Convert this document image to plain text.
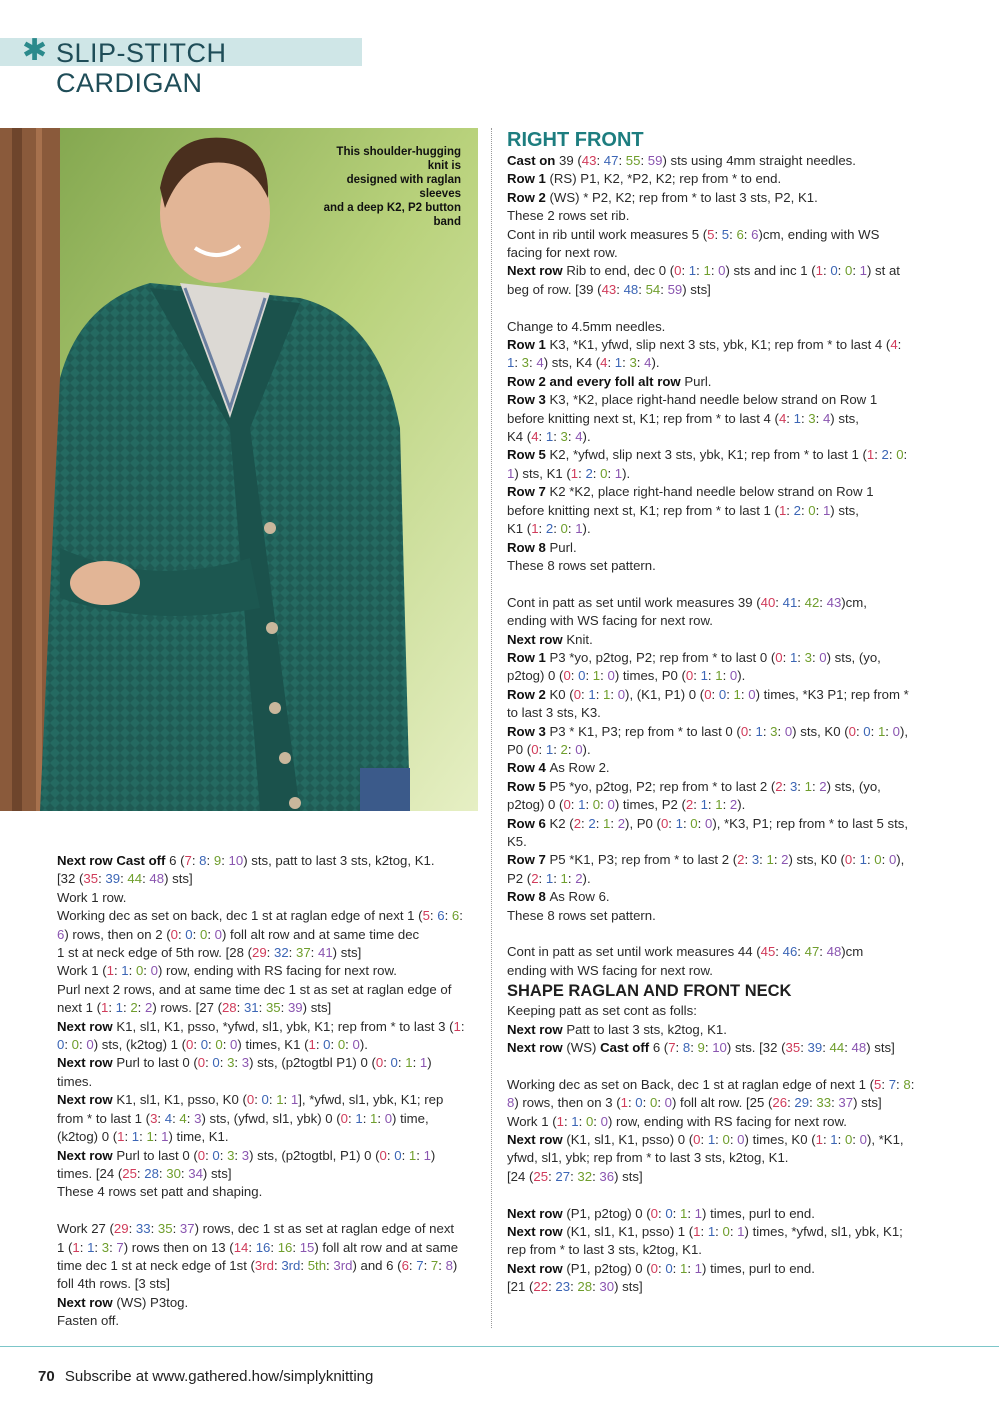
✱ SLIP-STITCH CARDIGAN
This shoulder-hugging knit is
designed with raglan sleeves
and a deep K2, P2 button band

Next row Cast off 6 (7: 8: 9: 10) sts, patt to last 3 sts, k2tog, K1.

[32 (35: 39: 44: 48) sts]

Work 1 row.

Working dec as set on back, dec 1 st at raglan edge of next 1 (5: 6: 6:

6) rows, then on 2 (0: 0: 0: 0) foll alt row and at same time dec

1 st at neck edge of 5th row. [28 (29: 32: 37: 41) sts]

Work 1 (1: 1: 0: 0) row, ending with RS facing for next row.

Purl next 2 rows, and at same time dec 1 st as set at raglan edge of

next 1 (1: 1: 2: 2) rows. [27 (28: 31: 35: 39) sts]

Next row K1, sl1, K1, psso, *yfwd, sl1, ybk, K1; rep from * to last 3 (1:

0: 0: 0) sts, (k2tog) 1 (0: 0: 0: 0) times, K1 (1: 0: 0: 0).

Next row Purl to last 0 (0: 0: 3: 3) sts, (p2togtbl P1) 0 (0: 0: 1: 1)

times.

Next row K1, sl1, K1, psso, K0 (0: 0: 1: 1], *yfwd, sl1, ybk, K1; rep

from * to last 1 (3: 4: 4: 3) sts, (yfwd, sl1, ybk) 0 (0: 1: 1: 0) time,

(k2tog) 0 (1: 1: 1: 1) time, K1.

Next row Purl to last 0 (0: 0: 3: 3) sts, (p2togtbl, P1) 0 (0: 0: 1: 1)

times. [24 (25: 28: 30: 34) sts]

These 4 rows set patt and shaping.

Work 27 (29: 33: 35: 37) rows, dec 1 st as set at raglan edge of next

1 (1: 1: 3: 7) rows then on 13 (14: 16: 16: 15) foll alt row and at same

time dec 1 st at neck edge of 1st (3rd: 3rd: 5th: 3rd) and 6 (6: 7: 7: 8)

foll 4th rows. [3 sts]

Next row (WS) P3tog.

Fasten off.

RIGHT FRONT

Cast on 39 (43: 47: 55: 59) sts using 4mm straight needles.

Row 1 (RS) P1, K2, *P2, K2; rep from * to end.

Row 2 (WS) * P2, K2; rep from * to last 3 sts, P2, K1.

These 2 rows set rib.

Cont in rib until work measures 5 (5: 5: 6: 6)cm, ending with WS

facing for next row.

Next row Rib to end, dec 0 (0: 1: 1: 0) sts and inc 1 (1: 0: 0: 1) st at

beg of row. [39 (43: 48: 54: 59) sts]

Change to 4.5mm needles.

Row 1 K3, *K1, yfwd, slip next 3 sts, ybk, K1; rep from * to last 4 (4:

1: 3: 4) sts, K4 (4: 1: 3: 4).

Row 2 and every foll alt row Purl.

Row 3 K3, *K2, place right-hand needle below strand on Row 1

before knitting next st, K1; rep from * to last 4 (4: 1: 3: 4) sts,

K4 (4: 1: 3: 4).

Row 5 K2, *yfwd, slip next 3 sts, ybk, K1; rep from * to last 1 (1: 2: 0:

1) sts, K1 (1: 2: 0: 1).

Row 7 K2 *K2, place right-hand needle below strand on Row 1

before knitting next st, K1; rep from * to last 1 (1: 2: 0: 1) sts,

K1 (1: 2: 0: 1).

Row 8 Purl.

These 8 rows set pattern.

Cont in patt as set until work measures 39 (40: 41: 42: 43)cm,

ending with WS facing for next row.

Next row Knit.

Row 1 P3 *yo, p2tog, P2; rep from * to last 0 (0: 1: 3: 0) sts, (yo,

p2tog) 0 (0: 0: 1: 0) times, P0 (0: 1: 1: 0).

Row 2 K0 (0: 1: 1: 0), (K1, P1) 0 (0: 0: 1: 0) times, *K3 P1; rep from *

to last 3 sts, K3.

Row 3 P3 * K1, P3; rep from * to last 0 (0: 1: 3: 0) sts, K0 (0: 0: 1: 0),

P0 (0: 1: 2: 0).

Row 4 As Row 2.

Row 5 P5 *yo, p2tog, P2; rep from * to last 2 (2: 3: 1: 2) sts, (yo,

p2tog) 0 (0: 1: 0: 0) times, P2 (2: 1: 1: 2).

Row 6 K2 (2: 2: 1: 2), P0 (0: 1: 0: 0), *K3, P1; rep from * to last 5 sts,

K5.

Row 7 P5 *K1, P3; rep from * to last 2 (2: 3: 1: 2) sts, K0 (0: 1: 0: 0),

P2 (2: 1: 1: 2).

Row 8 As Row 6.

These 8 rows set pattern.

Cont in patt as set until work measures 44 (45: 46: 47: 48)cm

ending with WS facing for next row.

SHAPE RAGLAN AND FRONT NECK

Keeping patt as set cont as folls:

Next row Patt to last 3 sts, k2tog, K1.

Next row (WS) Cast off 6 (7: 8: 9: 10) sts. [32 (35: 39: 44: 48) sts]

Working dec as set on Back, dec 1 st at raglan edge of next 1 (5: 7: 8:

8) rows, then on 3 (1: 0: 0: 0) foll alt row. [25 (26: 29: 33: 37) sts]

Work 1 (1: 1: 0: 0) row, ending with RS facing for next row.

Next row (K1, sl1, K1, psso) 0 (0: 1: 0: 0) times, K0 (1: 1: 0: 0), *K1,

yfwd, sl1, ybk; rep from * to last 3 sts, k2tog, K1.

[24 (25: 27: 32: 36) sts]

Next row (P1, p2tog) 0 (0: 0: 1: 1) times, purl to end.

Next row (K1, sl1, K1, psso) 1 (1: 1: 0: 1) times, *yfwd, sl1, ybk, K1;

rep from * to last 3 sts, k2tog, K1.

Next row (P1, p2tog) 0 (0: 0: 1: 1) times, purl to end.

[21 (22: 23: 28: 30) sts]

70 Subscribe at www.gathered.how/simplyknitting
